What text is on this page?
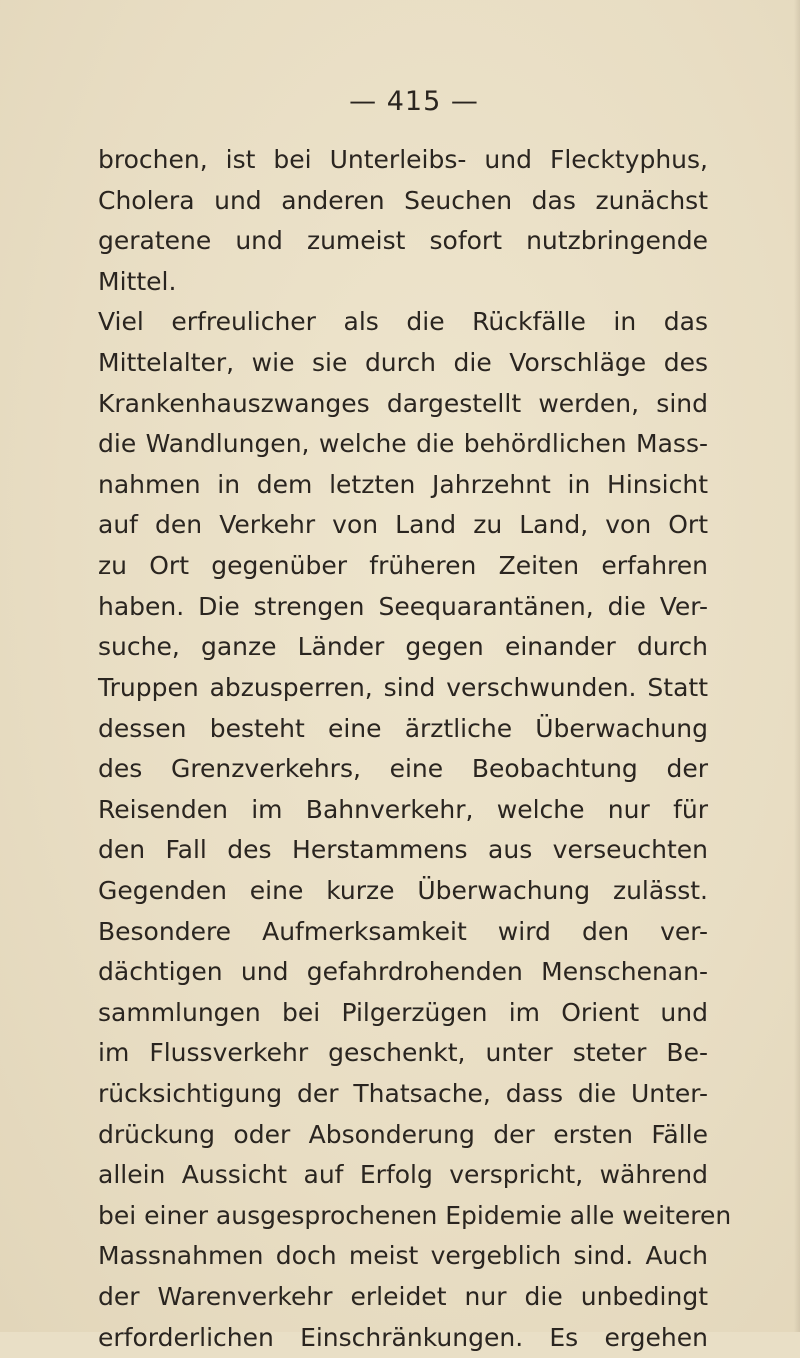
— 415 —
brochen, ist bei Unterleibs- und Flecktyphus,
Cholera und anderen Seuchen das zunächst
geratene und zumeist sofort nutzbringende
Mittel.
Viel erfreulicher als die Rückfälle in das
Mittelalter, wie sie durch die Vorschläge des
Krankenhauszwanges dargestellt werden, sind
die Wandlungen, welche die behördlichen Mass-
nahmen in dem letzten Jahrzehnt in Hinsicht
auf den Verkehr von Land zu Land, von Ort
zu Ort gegenüber früheren Zeiten erfahren
haben. Die strengen Seequarantänen, die Ver-
suche, ganze Länder gegen einander durch
Truppen abzusperren, sind verschwunden. Statt
dessen besteht eine ärztliche Überwachung
des Grenzverkehrs, eine Beobachtung der
Reisenden im Bahnverkehr, welche nur für
den Fall des Herstammens aus verseuchten
Gegenden eine kurze Überwachung zulässt.
Besondere Aufmerksamkeit wird den ver-
dächtigen und gefahrdrohenden Menschenan-
sammlungen bei Pilgerzügen im Orient und
im Flussverkehr geschenkt, unter steter Be-
rücksichtigung der Thatsache, dass die Unter-
drückung oder Absonderung der ersten Fälle
allein Aussicht auf Erfolg verspricht, während
bei einer ausgesprochenen Epidemie alle weiteren
Massnahmen doch meist vergeblich sind. Auch
der Warenverkehr erleidet nur die unbedingt
erforderlichen Einschränkungen. Es ergehen
